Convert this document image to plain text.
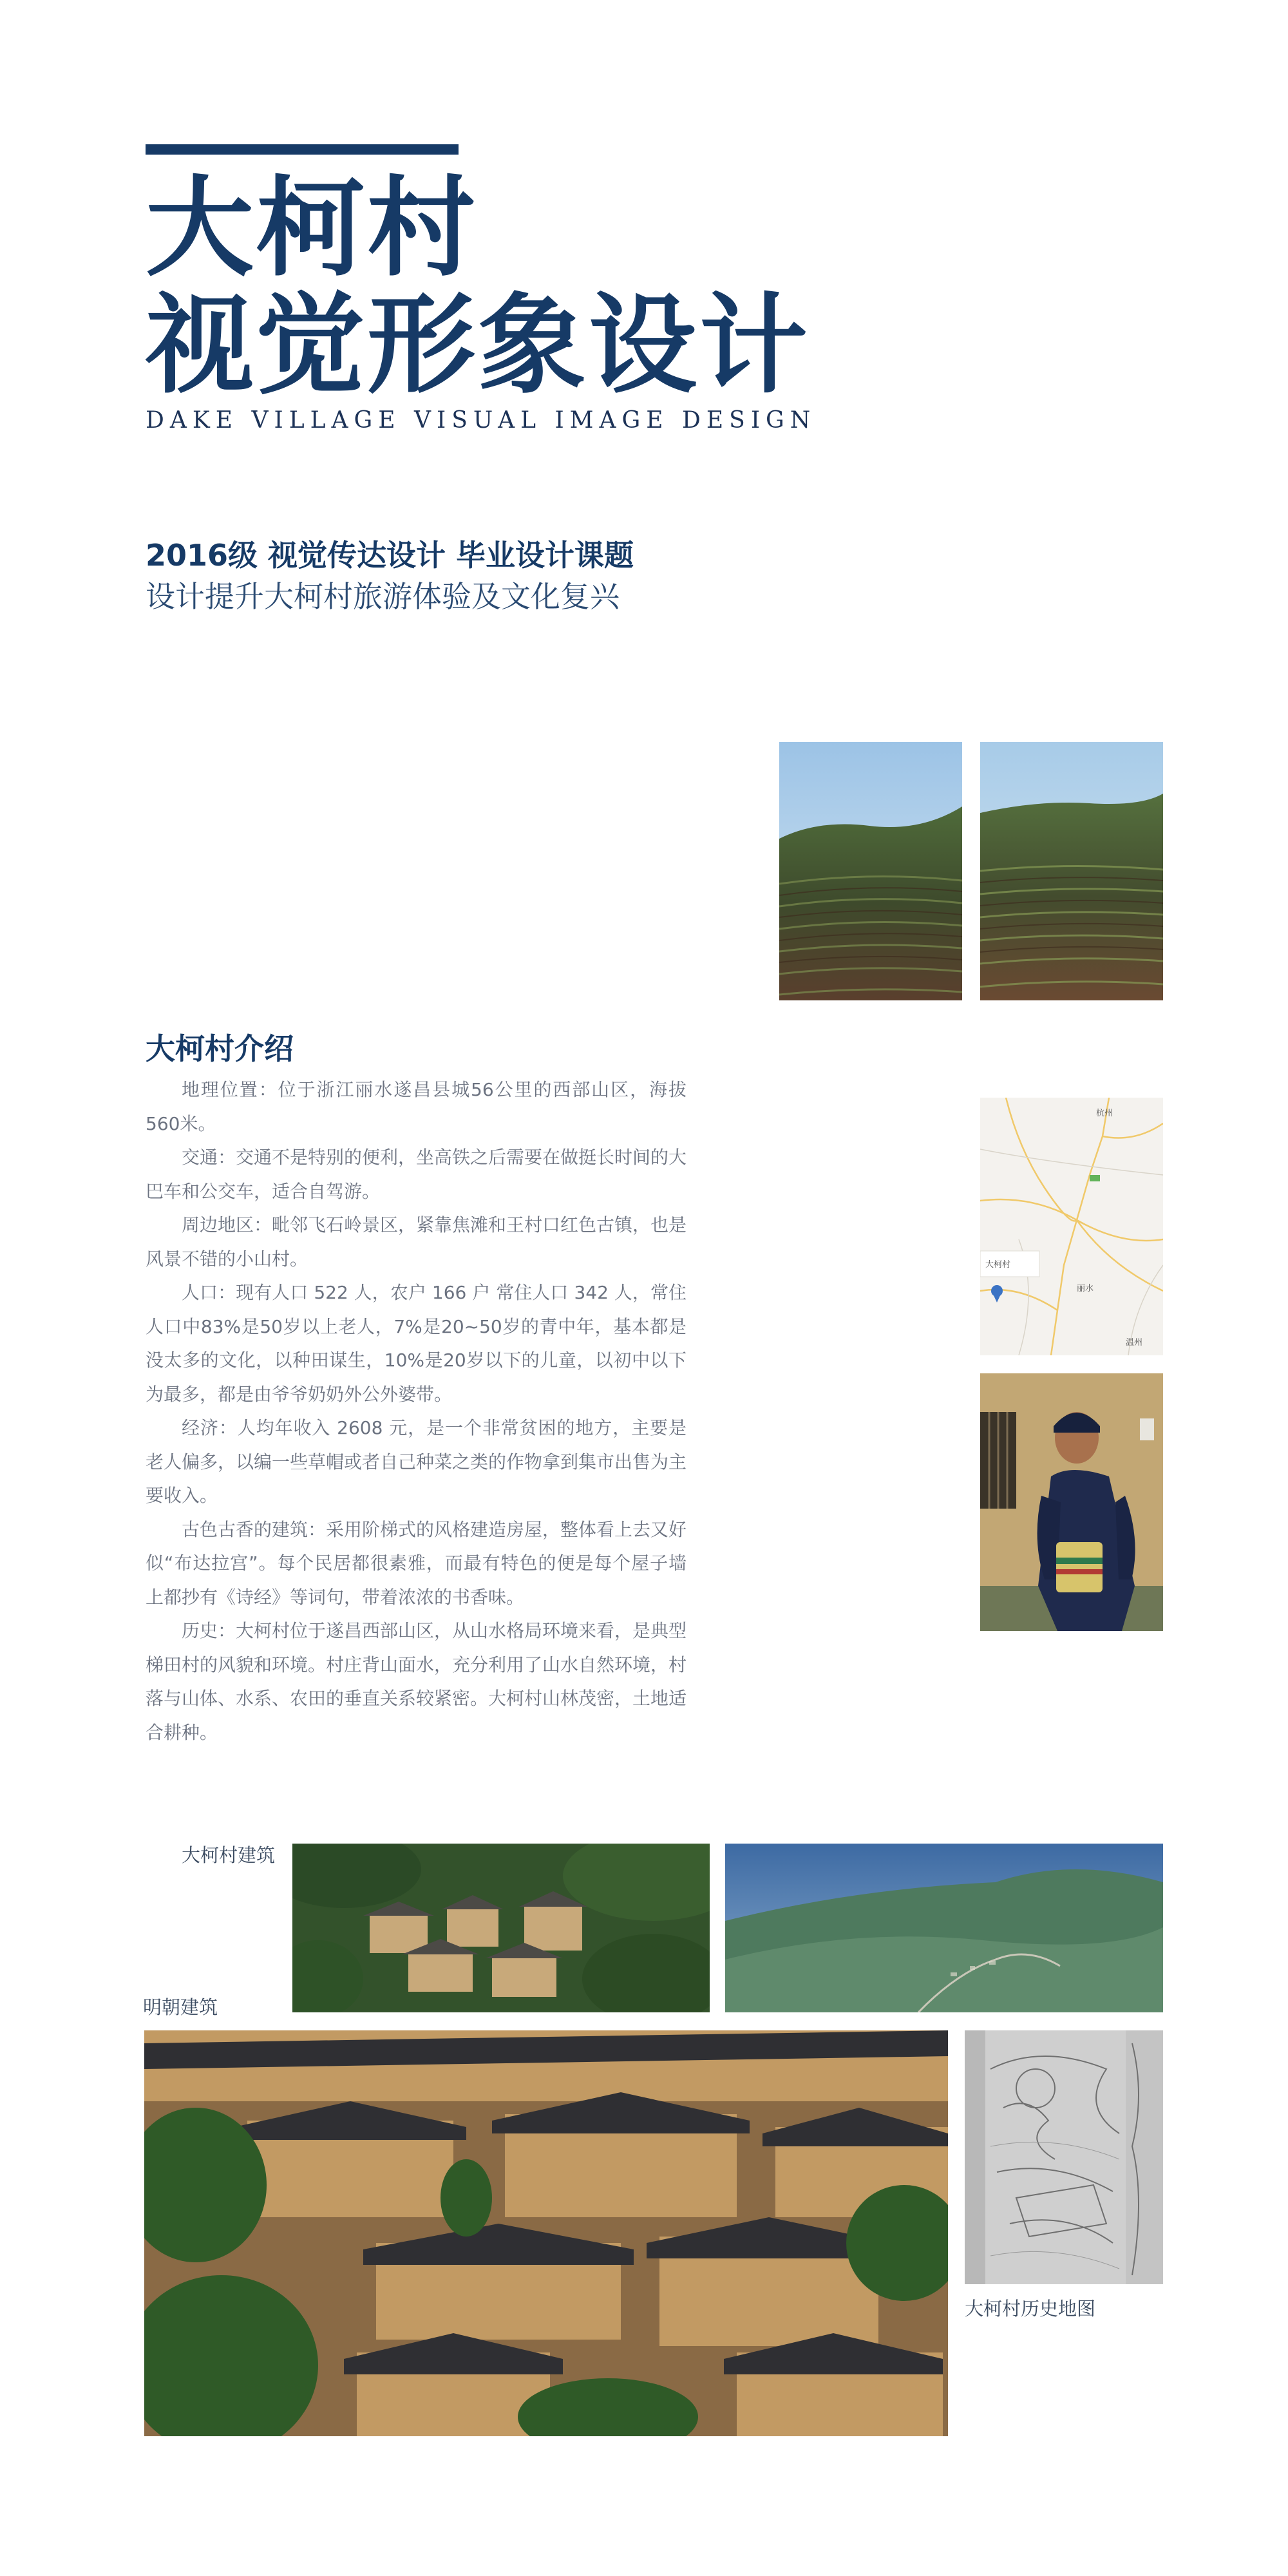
大柯村
视觉形象设计
DAKE VILLAGE VISUAL IMAGE DESIGN
2016级 视觉传达设计 毕业设计课题
设计提升大柯村旅游体验及文化复兴
大柯村介绍

地理位置：位于浙江丽水遂昌县城56公里的西部山区，海拔560米。

交通：交通不是特别的便利，坐高铁之后需要在做挺长时间的大巴车和公交车，适合自驾游。

周边地区：毗邻飞石岭景区，紧靠焦滩和王村口红色古镇，也是风景不错的小山村。

人口：现有人口 522 人，农户 166 户 常住人口 342 人，常住人口中83%是50岁以上老人，7%是20~50岁的青中年，基本都是没太多的文化，以种田谋生，10%是20岁以下的儿童，以初中以下为最多，都是由爷爷奶奶外公外婆带。

经济：人均年收入 2608 元，是一个非常贫困的地方，主要是老人偏多，以编一些草帽或者自己种菜之类的作物拿到集市出售为主要收入。

古色古香的建筑：采用阶梯式的风格建造房屋，整体看上去又好似“布达拉宫”。每个民居都很素雅，而最有特色的便是每个屋子墙上都抄有《诗经》等词句，带着浓浓的书香味。

历史：大柯村位于遂昌西部山区，从山水格局环境来看，是典型梯田村的风貌和环境。村庄背山面水，充分利用了山水自然环境，村落与山体、水系、农田的垂直关系较紧密。大柯村山林茂密，土地适合耕种。

杭州
大柯村
温州
丽水
大柯村建筑
明朝建筑
大柯村历史地图
